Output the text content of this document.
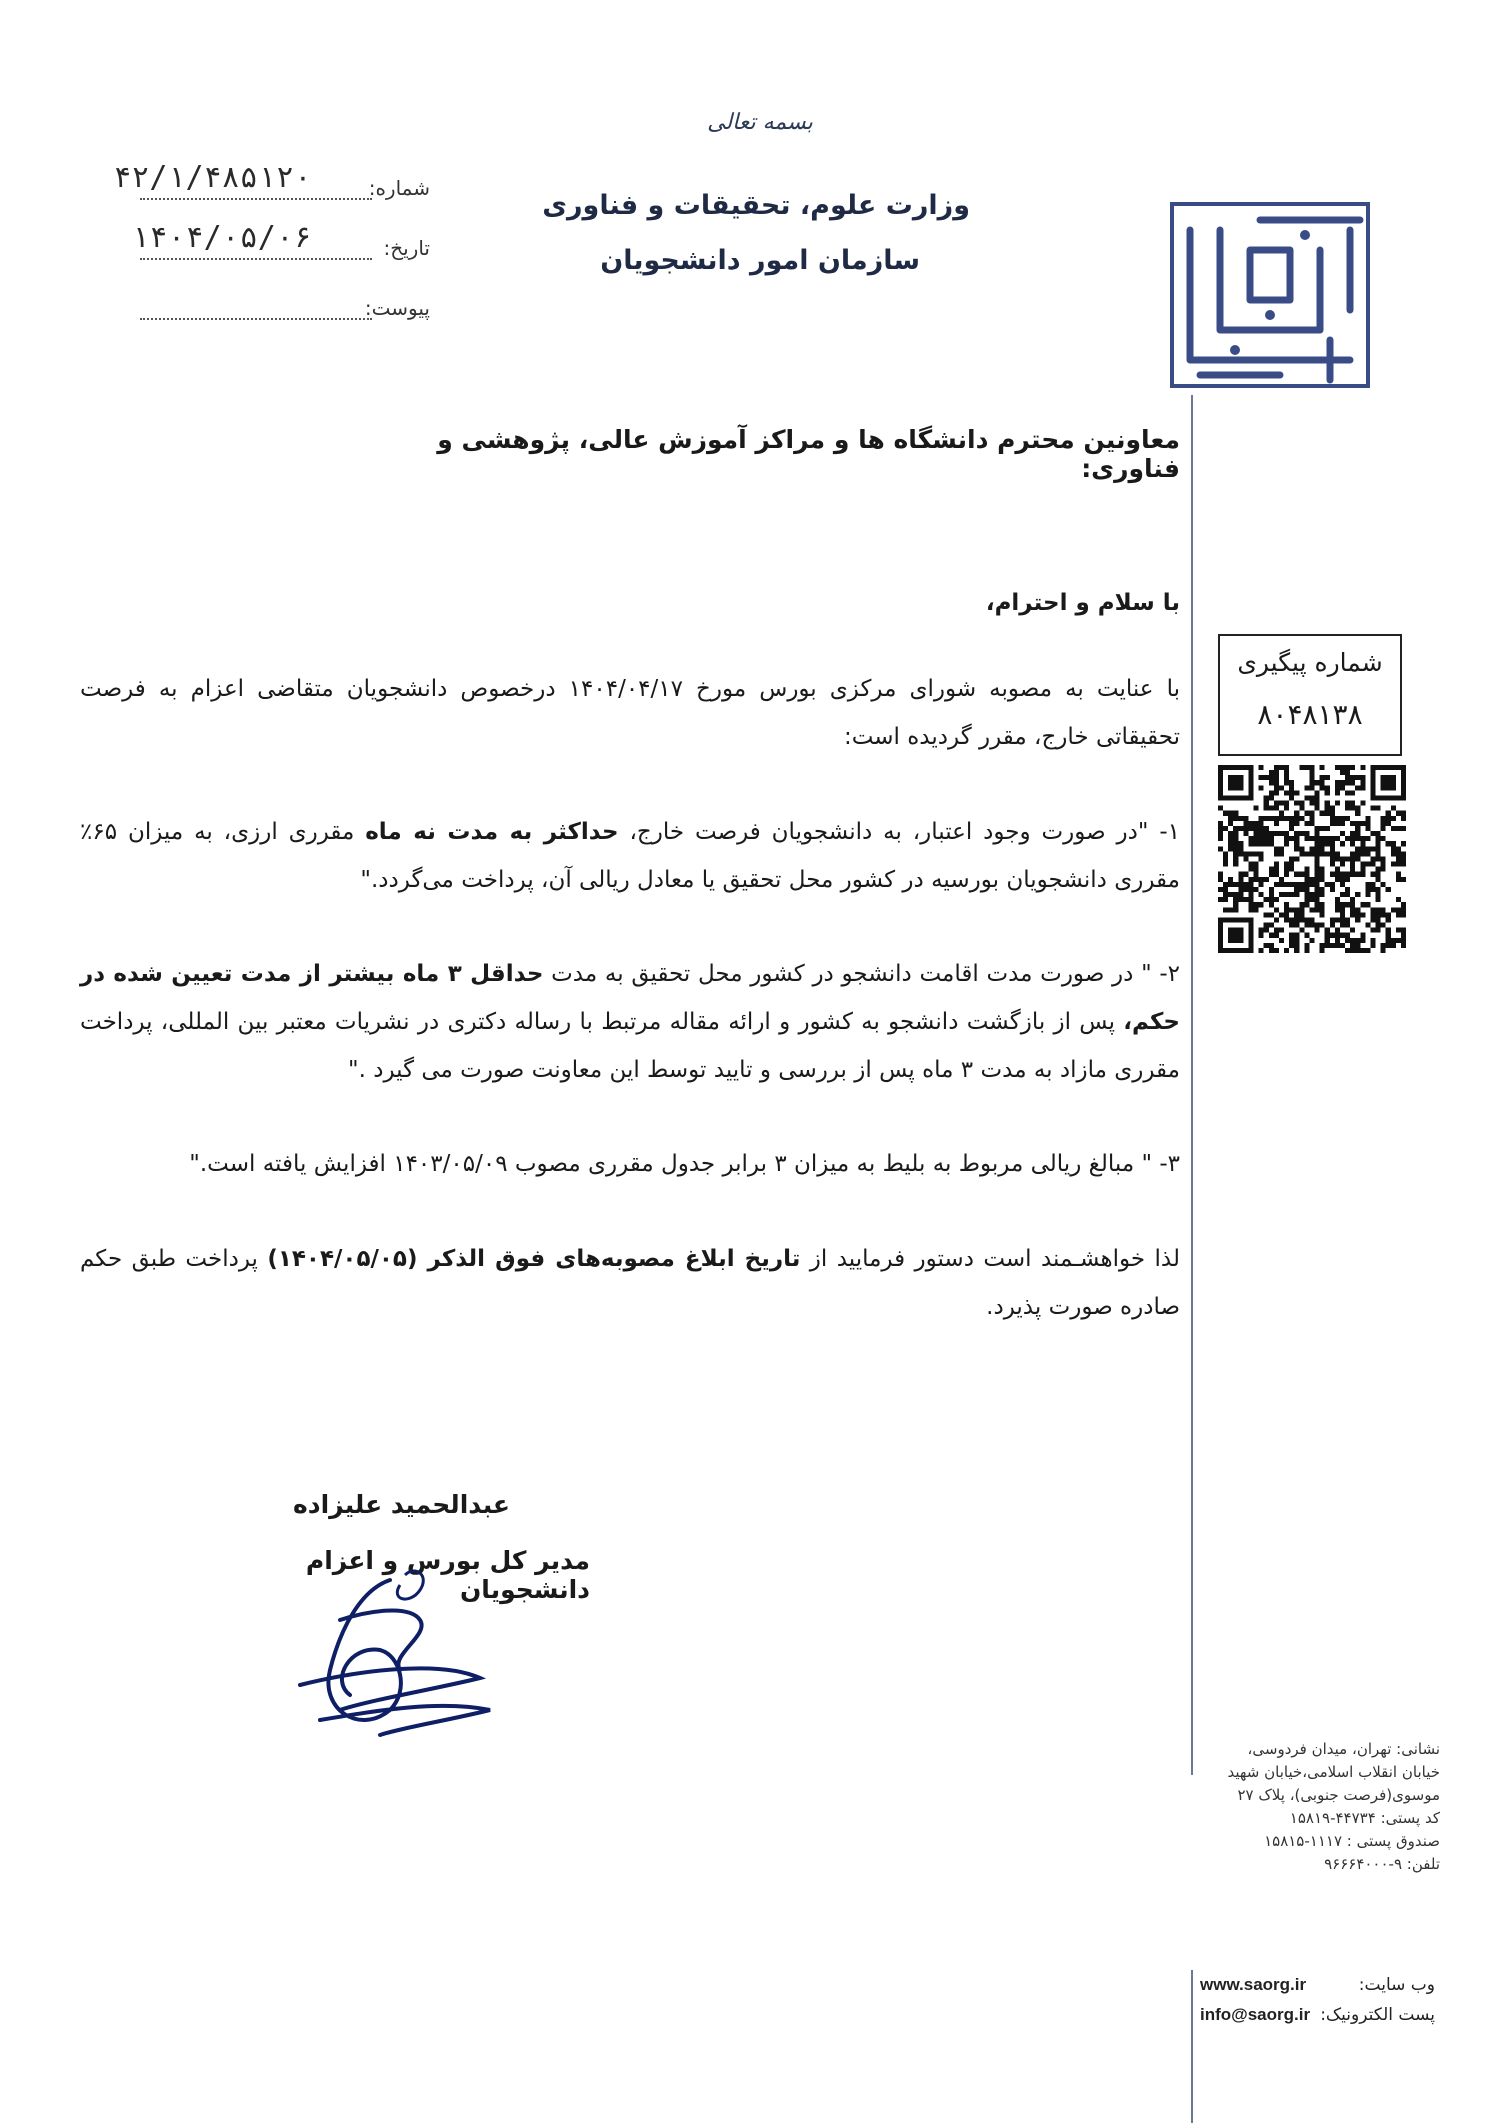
بسمه تعالی
وزارت علوم، تحقیقات و فناوری
سازمان امور دانشجویان
شماره:
۴۲/۱/۴۸۵۱۲۰
تاریخ:
۱۴۰۴/۰۵/۰۶
پیوست:
معاونین محترم دانشگاه ها و مراکز آموزش عالی، پژوهشی و فناوری:
با سلام و احترام،
با عنایت به مصوبه شورای مرکزی بورس مورخ ۱۴۰۴/۰۴/۱۷ درخصوص دانشجویان متقاضی اعزام به فرصت تحقیقاتی خارج، مقرر گردیده است:
۱- "در صورت وجود اعتبار، به دانشجویان فرصت خارج، حداکثر به مدت نه ماه مقرری ارزی، به میزان ۶۵٪ مقرری دانشجویان بورسیه در کشور محل تحقیق یا معادل ریالی آن، پرداخت می‌گردد."
۲- " در صورت مدت اقامت دانشجو در کشور محل تحقیق به مدت حداقل ۳ ماه بیشتر از مدت تعیین شده در حکم، پس از بازگشت دانشجو به کشور و ارائه مقاله مرتبط با رساله دکتری در نشریات معتبر بین المللی، پرداخت مقرری مازاد به مدت ۳ ماه پس از بررسی و تایید توسط این معاونت صورت می گیرد ."
۳- " مبالغ ریالی مربوط به بلیط به میزان ۳ برابر جدول مقرری مصوب ۱۴۰۳/۰۵/۰۹ افزایش یافته است."
لذا خواهشـمند است دستور فرمایید از تاریخ ابلاغ مصوبه‌های فوق الذکر (۱۴۰۴/۰۵/۰۵) پرداخت طبق حکم صادره صورت پذیرد.
شماره پیگیری
۸۰۴۸۱۳۸
عبدالحمید علیزاده
مدیر کل بورس و اعزام دانشجویان
نشانی: تهران، میدان فردوسی،
خیابان انقلاب اسلامی،خیابان شهید
موسوی(فرصت جنوبی)، پلاک ۲۷
کد پستی: ۴۴۷۳۴-۱۵۸۱۹
صندوق پستی : ۱۱۱۷-۱۵۸۱۵
تلفن: ۹-۹۶۶۶۴۰۰۰
وب سایت:
www.saorg.ir
پست الکترونیک:
info@saorg.ir
